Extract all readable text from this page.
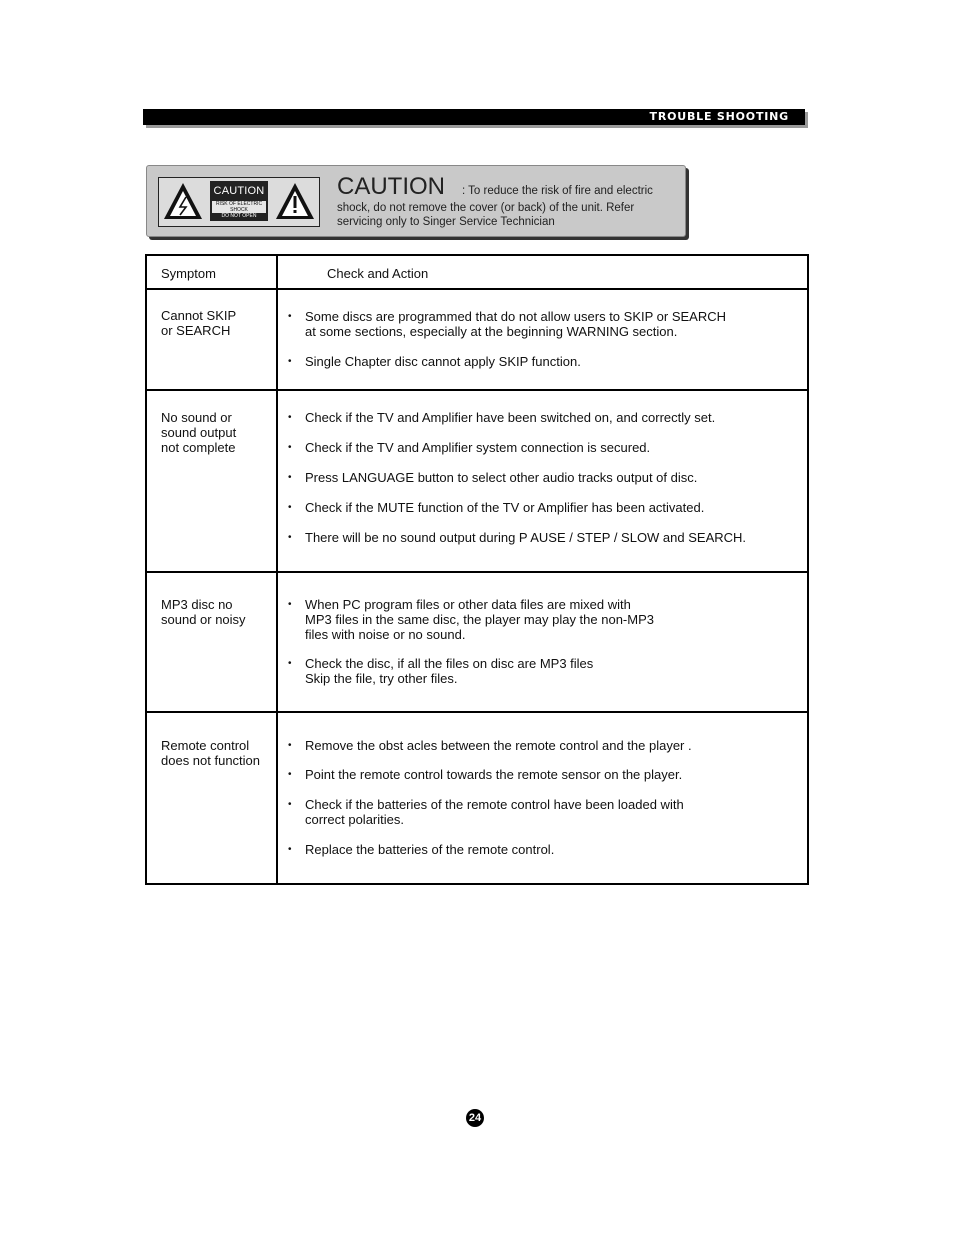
TROUBLE SHOOTING
CAUTION
RISK OF ELECTRIC SHOCK
DO NOT OPEN
CAUTION : To reduce the risk of fire and electric
shock, do not remove the cover (or back) of the unit. Refer servicing only to Singer Service Technician
Symptom	Check and Action
Cannot SKIP
or SEARCH
• Some discs are programmed that do not allow users to SKIP or SEARCH
at some sections, especially at the beginning WARNING section.
• Single Chapter disc cannot apply SKIP function.
No sound or
sound output
not complete
• Check if the TV and Amplifier have been switched on, and correctly set.
• Check if the TV and Amplifier system connection is secured.
• Press LANGUAGE button to select other audio tracks output of disc.
• Check if the MUTE function of the TV or Amplifier has been activated.
• There will be no sound output during P AUSE / STEP / SLOW and SEARCH.
MP3 disc no
sound or noisy
• When PC program files or other data files are mixed with
MP3 files in the same disc, the player may play the non-MP3
files with noise or no sound.
• Check the disc, if all the files on disc are MP3 files
Skip the file, try other files.
Remote control
does not function
• Remove the obst acles between the remote control and the player .
• Point the remote control towards the remote sensor on the player.
• Check if the batteries of the remote control have been loaded with
correct polarities.
• Replace the batteries of the remote control.
24
